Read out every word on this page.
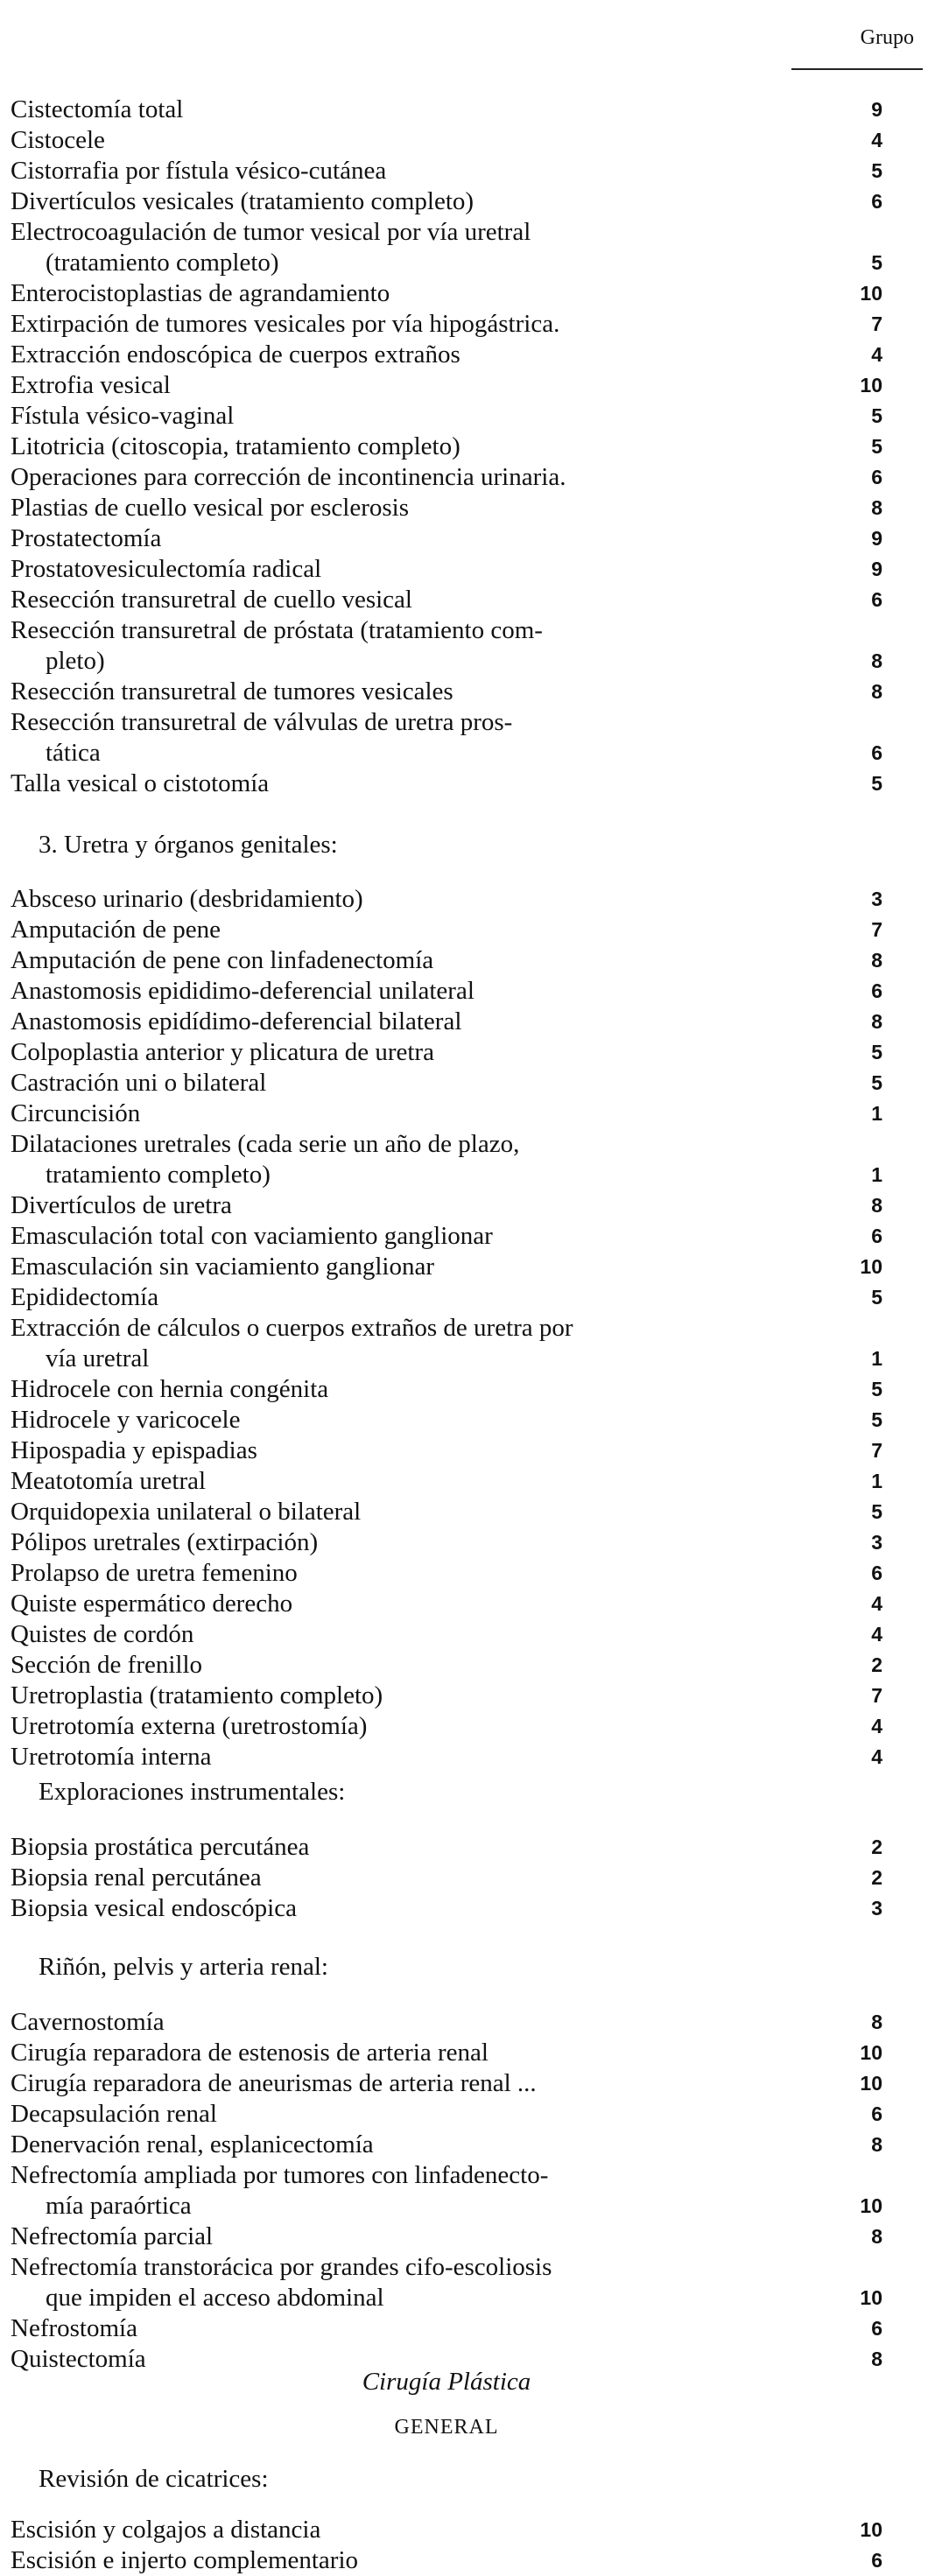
Grupo
Cistectomía total	9
Cistocele	4
Cistorrafia por fístula vésico-cutánea	5
Divertículos vesicales (tratamiento completo)	6
Electrocoagulación de tumor vesical por vía uretral
(tratamiento completo)	5
Enterocistoplastias de agrandamiento	10
Extirpación de tumores vesicales por vía hipogástrica.	7
Extracción endoscópica de cuerpos extraños	4
Extrofia vesical	10
Fístula vésico-vaginal	5
Litotricia (citoscopia, tratamiento completo)	5
Operaciones para corrección de incontinencia urinaria.	6
Plastias de cuello vesical por esclerosis	8
Prostatectomía	9
Prostatovesiculectomía radical	9
Resección transuretral de cuello vesical	6
Resección transuretral de próstata (tratamiento com-
pleto)	8
Resección transuretral de tumores vesicales	8
Resección transuretral de válvulas de uretra pros-
tática	6
Talla vesical o cistotomía	5
3. Uretra y órganos genitales:
Absceso urinario (desbridamiento)	3
Amputación de pene	7
Amputación de pene con linfadenectomía	8
Anastomosis epididimo-deferencial unilateral	6
Anastomosis epidídimo-deferencial bilateral	8
Colpoplastia anterior y plicatura de uretra	5
Castración uni o bilateral	5
Circuncisión	1
Dilataciones uretrales (cada serie un año de plazo,
tratamiento completo)	1
Divertículos de uretra	8
Emasculación total con vaciamiento ganglionar	6
Emasculación sin vaciamiento ganglionar	10
Epididectomía	5
Extracción de cálculos o cuerpos extraños de uretra por
vía uretral	1
Hidrocele con hernia congénita	5
Hidrocele y varicocele	5
Hipospadia y epispadias	7
Meatotomía uretral	1
Orquidopexia unilateral o bilateral	5
Pólipos uretrales (extirpación)	3
Prolapso de uretra femenino	6
Quiste espermático derecho	4
Quistes de cordón	4
Sección de frenillo	2
Uretroplastia (tratamiento completo)	7
Uretrotomía externa (uretrostomía)	4
Uretrotomía interna	4
Exploraciones instrumentales:
Biopsia prostática percutánea	2
Biopsia renal percutánea	2
Biopsia vesical endoscópica	3
Riñón, pelvis y arteria renal:
Cavernostomía	8
Cirugía reparadora de estenosis de arteria renal	10
Cirugía reparadora de aneurismas de arteria renal ...	10
Decapsulación renal	6
Denervación renal, esplanicectomía	8
Nefrectomía ampliada por tumores con linfadenecto-
mía paraórtica	10
Nefrectomía parcial	8
Nefrectomía transtorácica por grandes cifo-escoliosis
que impiden el acceso abdominal	10
Nefrostomía	6
Quistectomía	8
Cirugía Plástica
GENERAL
Revisión de cicatrices:
Escisión y colgajos a distancia	10
Escisión e injerto complementario	6
